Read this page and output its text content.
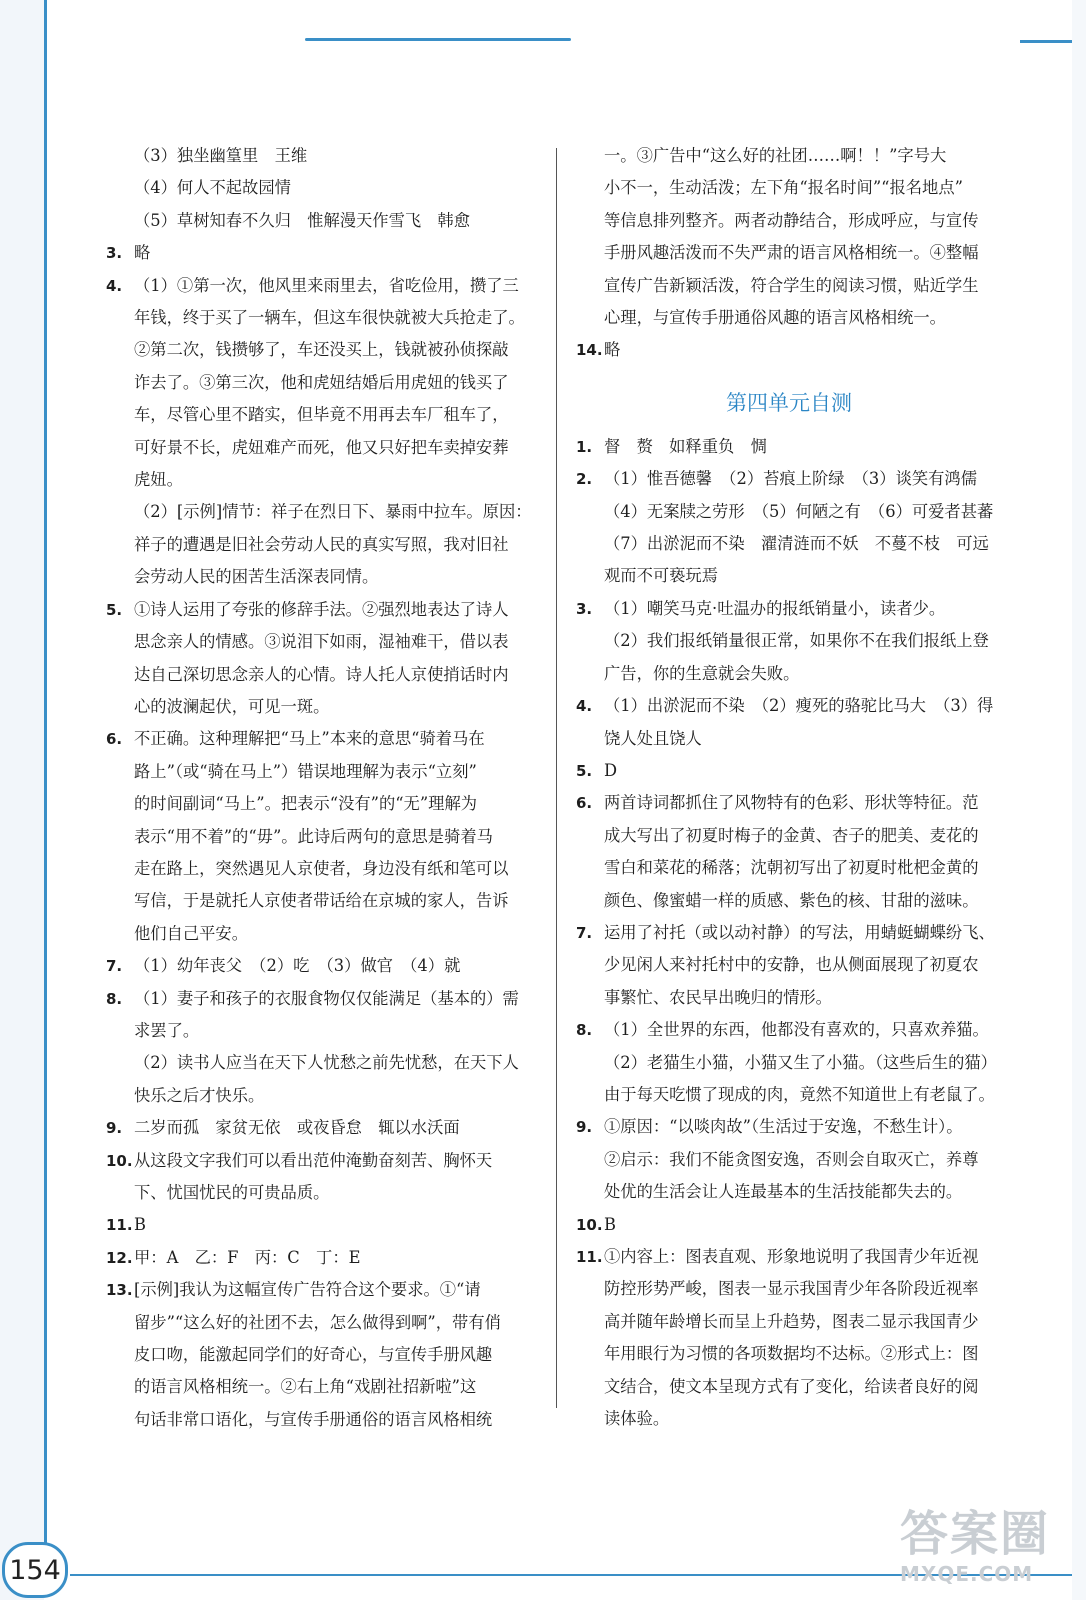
（3）独坐幽篁里　王维
（4）何人不起故园情
（5）草树知春不久归　惟解漫天作雪飞　韩愈
3. 略
4. （1）①第一次，他风里来雨里去，省吃俭用，攒了三
年钱，终于买了一辆车，但这车很快就被大兵抢走了。
②第二次，钱攒够了，车还没买上，钱就被孙侦探敲
诈去了。③第三次，他和虎妞结婚后用虎妞的钱买了
车，尽管心里不踏实，但毕竟不用再去车厂租车了，
可好景不长，虎妞难产而死，他又只好把车卖掉安葬
虎妞。
（2）[示例]情节：祥子在烈日下、暴雨中拉车。原因：
祥子的遭遇是旧社会劳动人民的真实写照，我对旧社
会劳动人民的困苦生活深表同情。
5. ①诗人运用了夸张的修辞手法。②强烈地表达了诗人
思念亲人的情感。③说泪下如雨，湿袖难干，借以表
达自己深切思念亲人的心情。诗人托人京使捎话时内
心的波澜起伏，可见一斑。
6. 不正确。这种理解把“马上”本来的意思“骑着马在
路上”（或“骑在马上”）错误地理解为表示“立刻”
的时间副词“马上”。把表示“没有”的“无”理解为
表示“用不着”的“毋”。此诗后两句的意思是骑着马
走在路上，突然遇见人京使者，身边没有纸和笔可以
写信，于是就托人京使者带话给在京城的家人，告诉
他们自己平安。
7. （1）幼年丧父　（2）吃　（3）做官　（4）就
8. （1）妻子和孩子的衣服食物仅仅能满足（基本的）需
求罢了。
（2）读书人应当在天下人忧愁之前先忧愁，在天下人
快乐之后才快乐。
9. 二岁而孤　家贫无依　或夜昏怠　辄以水沃面
10. 从这段文字我们可以看出范仲淹勤奋刻苦、胸怀天
下、忧国忧民的可贵品质。
11. B
12. 甲：A　乙：F　丙：C　丁：E
13. [示例]我认为这幅宣传广告符合这个要求。①“请
留步”“这么好的社团不去，怎么做得到啊”，带有俏
皮口吻，能激起同学们的好奇心，与宣传手册风趣
的语言风格相统一。②右上角“戏剧社招新啦”这
句话非常口语化，与宣传手册通俗的语言风格相统
一。③广告中“这么好的社团……啊！！”字号大
小不一，生动活泼；左下角“报名时间”“报名地点”
等信息排列整齐。两者动静结合，形成呼应，与宣传
手册风趣活泼而不失严肃的语言风格相统一。④整幅
宣传广告新颖活泼，符合学生的阅读习惯，贴近学生
心理，与宣传手册通俗风趣的语言风格相统一。
14. 略
第四单元自测
1. 督　赘　如释重负　惆
2. （1）惟吾德馨　（2）苔痕上阶绿　（3）谈笑有鸿儒
（4）无案牍之劳形　（5）何陋之有　（6）可爱者甚蕃
（7）出淤泥而不染　濯清涟而不妖　不蔓不枝　可远
观而不可亵玩焉
3. （1）嘲笑马克·吐温办的报纸销量小，读者少。
（2）我们报纸销量很正常，如果你不在我们报纸上登
广告，你的生意就会失败。
4. （1）出淤泥而不染　（2）瘦死的骆驼比马大　（3）得
饶人处且饶人
5. D
6. 两首诗词都抓住了风物特有的色彩、形状等特征。范
成大写出了初夏时梅子的金黄、杏子的肥美、麦花的
雪白和菜花的稀落；沈朝初写出了初夏时枇杷金黄的
颜色、像蜜蜡一样的质感、紫色的核、甘甜的滋味。
7. 运用了衬托（或以动衬静）的写法，用蜻蜓蝴蝶纷飞、
少见闲人来衬托村中的安静，也从侧面展现了初夏农
事繁忙、农民早出晚归的情形。
8. （1）全世界的东西，他都没有喜欢的，只喜欢养猫。
（2）老猫生小猫，小猫又生了小猫。（这些后生的猫）
由于每天吃惯了现成的肉，竟然不知道世上有老鼠了。
9. ①原因：“以啖肉故”（生活过于安逸，不愁生计）。
②启示：我们不能贪图安逸，否则会自取灭亡，养尊
处优的生活会让人连最基本的生活技能都失去的。
10. B
11. ①内容上：图表直观、形象地说明了我国青少年近视
防控形势严峻，图表一显示我国青少年各阶段近视率
高并随年龄增长而呈上升趋势，图表二显示我国青少
年用眼行为习惯的各项数据均不达标。②形式上：图
文结合，使文本呈现方式有了变化，给读者良好的阅
读体验。
154
答案圈
MXQE.COM
